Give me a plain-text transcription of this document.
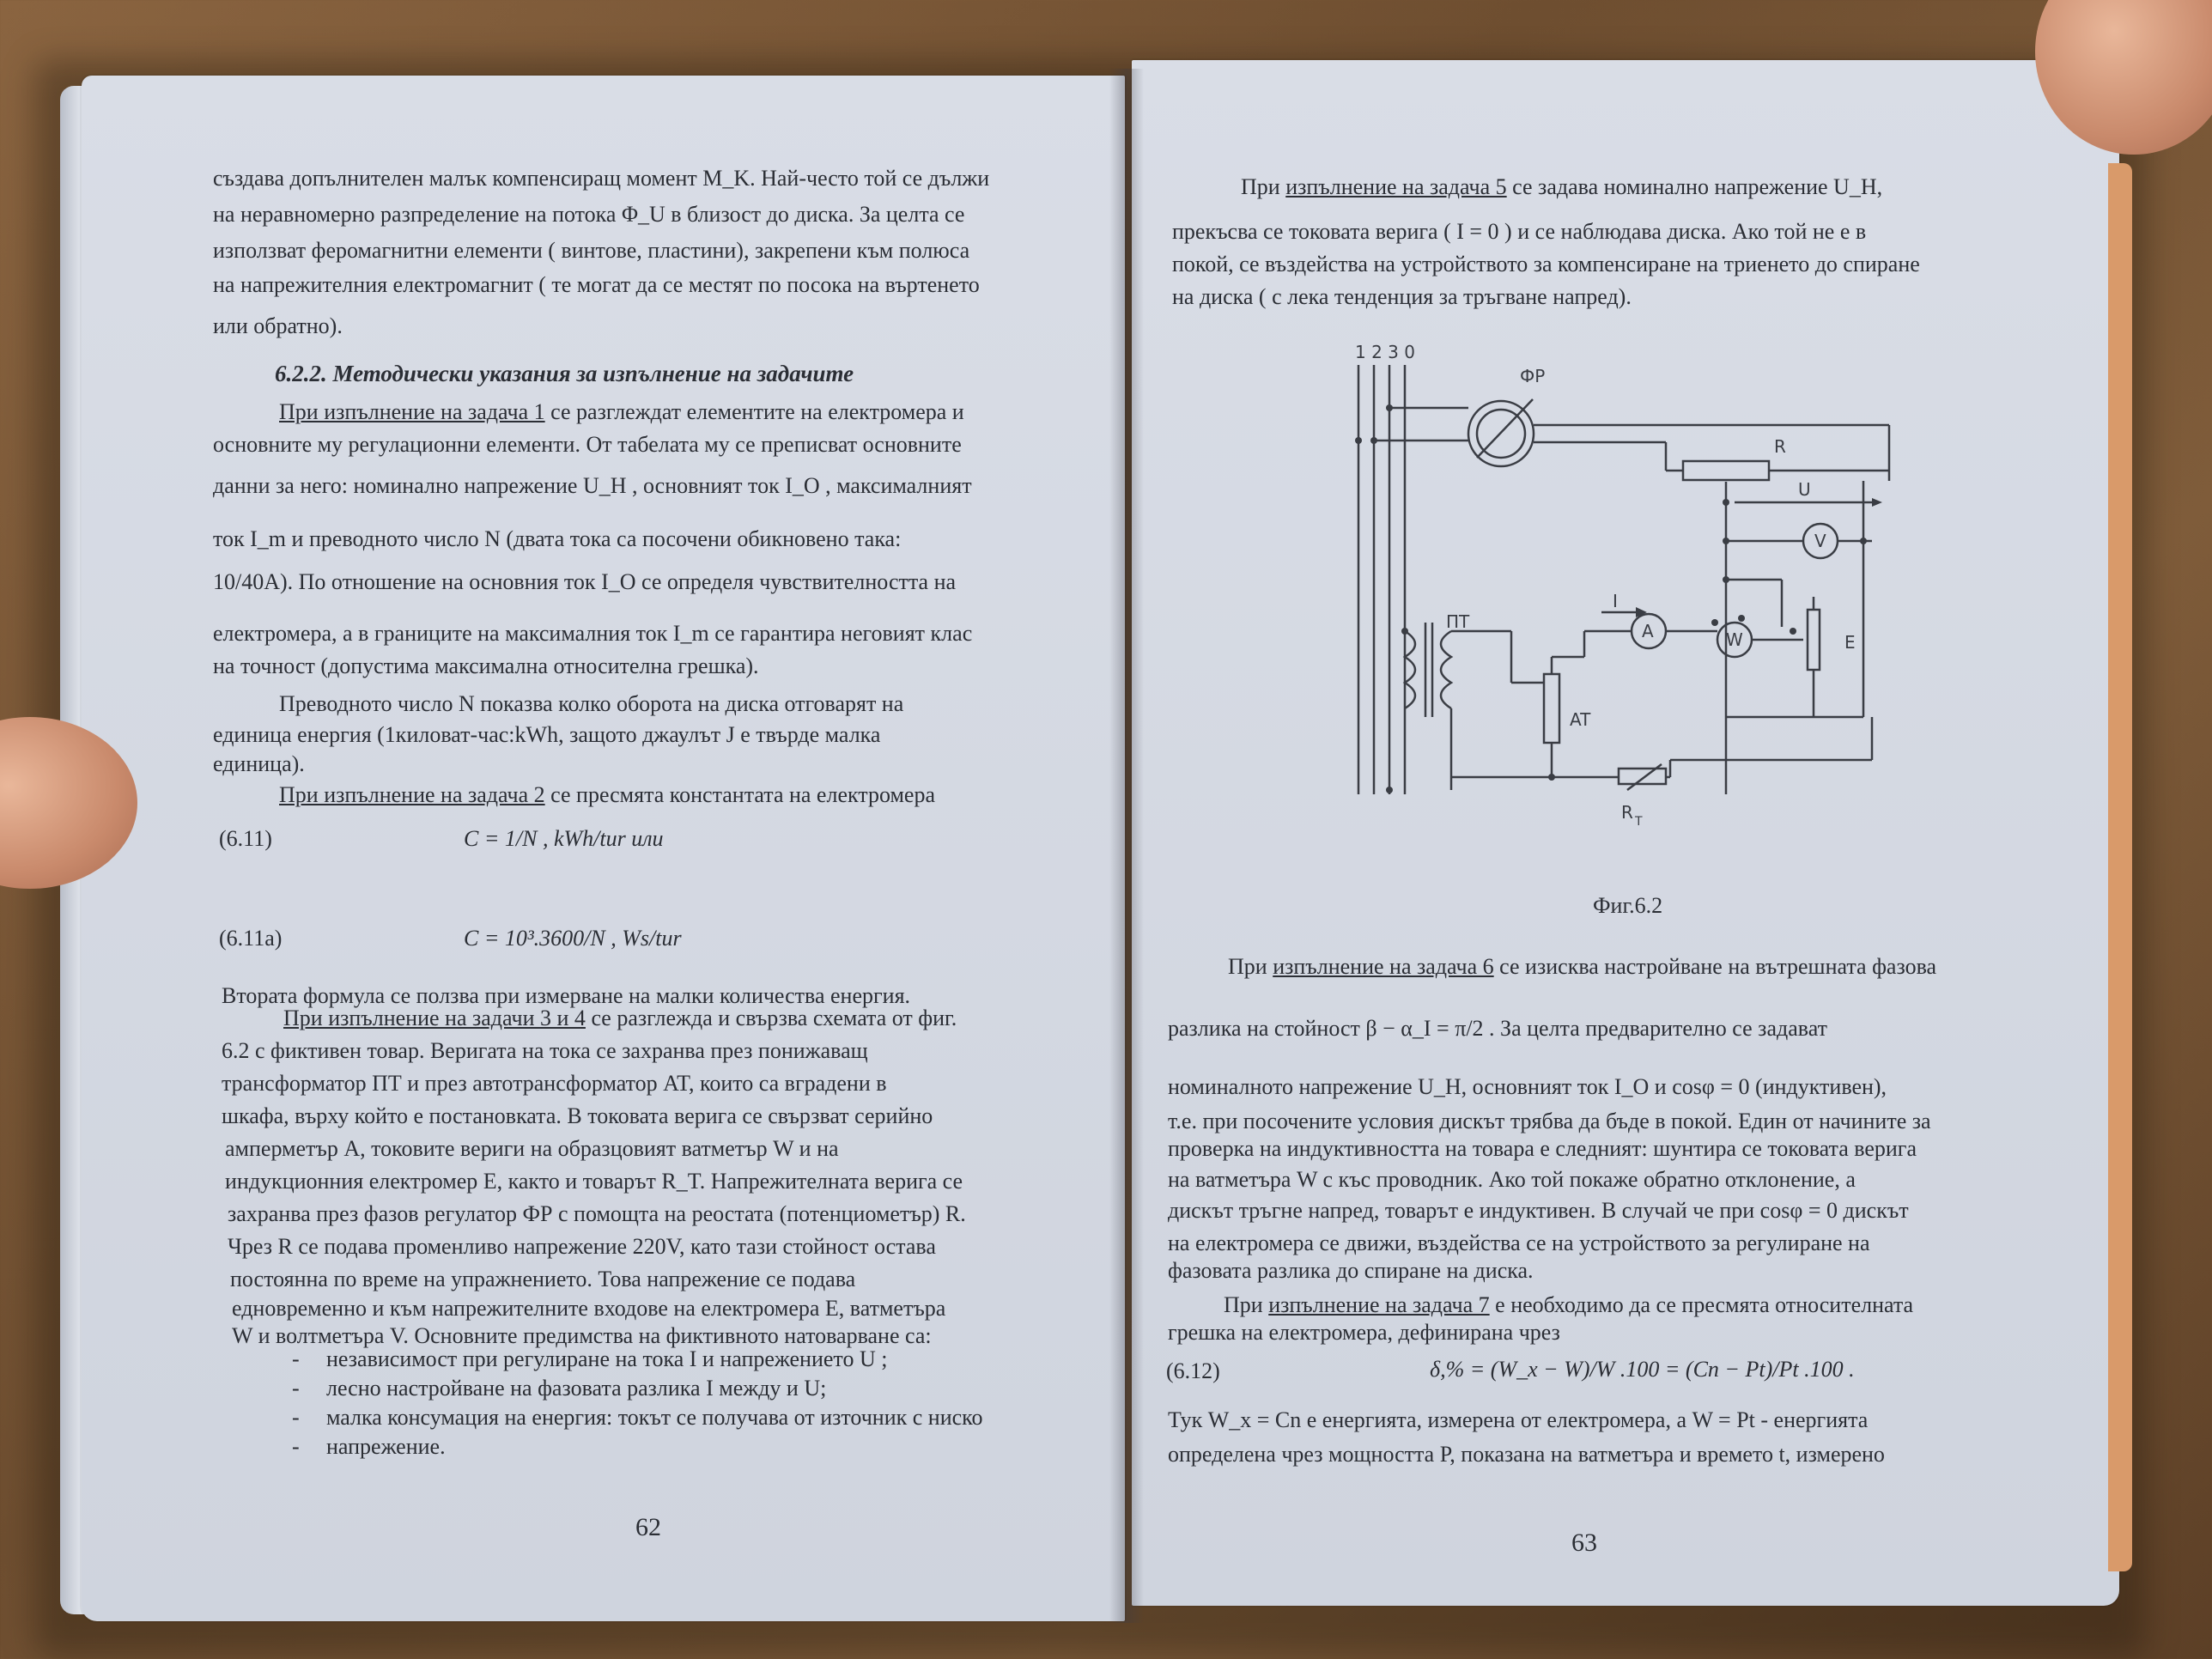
създава допълнителен малък компенсиращ момент M_K. Най-често той се дължи
на неравномерно разпределение на потока Φ_U в близост до диска. За целта се
използват феромагнитни елементи ( винтове, пластини), закрепени към полюса
на напрежителния електромагнит ( те могат да се местят по посока на въртенето
или обратно).
6.2.2. Методически указания за изпълнение на задачите
При изпълнение на задача 1 се разглеждат елементите на електромера и
основните му регулационни елементи. От табелата му се преписват основните
данни за него: номинално напрежение U_H , основният ток I_O , максималният
ток I_m и преводното число N (двата тока са посочени обикновено така:
10/40A). По отношение на основния ток I_O се определя чувствителността на
електромера, а в границите на максималния ток I_m се гарантира неговият клас
на точност (допустима максимална относителна грешка).
Преводното число N показва колко оборота на диска отговарят на
единица енергия (1киловат-час:kWh, защото джаулът J е твърде малка
единица).
При изпълнение на задача 2 се пресмята константата на електромера
(6.11)	C = 1/N , kWh/tur или
(6.11a)	C = 10³.3600/N , Ws/tur
Втората формула се ползва при измерване на малки количества енергия.
При изпълнение на задачи 3 и 4 се разглежда и свързва схемата от фиг.
6.2 с фиктивен товар. Веригата на тока се захранва през понижаващ
трансформатор ПТ и през автотрансформатор AT, които са вградени в
шкафа, върху който е постановката. В токовата верига се свързват серийно
амперметър A, токовите вериги на образцовият ватметър W и на
индукционния електромер E, както и товарът R_T. Напрежителната верига се
захранва през фазов регулатор ФР с помощта на реостата (потенциометър) R.
Чрез R се подава променливо напрежение 220V, като тази стойност остава
постоянна по време на упражнението. Това напрежение се подава
едновременно и към напрежителните входове на електромера E, ватметъра
W и волтметъра V. Основните предимства на фиктивното натоварване са:
- независимост при регулиране на тока I и напрежението U ;
- лесно настройване на фазовата разлика I между и U;
- малка консумация на енергия: токът се получава от източник с ниско
- напрежение.
62
При изпълнение на задача 5 се задава номинално напрежение U_H,
прекъсва се токовата верига ( I = 0 ) и се наблюдава диска. Ако той не е в
покой, се въздейства на устройството за компенсиране на триенето до спиране
на диска ( с лека тенденция за тръгване напред).
1 2 3 0
ФР
R
U
V
I
ПТ	A	W	E
AT
R T
Фиг.6.2
При изпълнение на задача 6 се изисква настройване на вътрешната фазова
разлика на стойност β − α_I = π/2 . За целта предварително се задават
номиналното напрежение U_H, основният ток I_O и cosφ = 0 (индуктивен),
т.е. при посочените условия дискът трябва да бъде в покой. Един от начините за
проверка на индуктивността на товара е следният: шунтира се токовата верига
на ватметъра W с къс проводник. Ако той покаже обратно отклонение, а
дискът тръгне напред, товарът е индуктивен. В случай че при cosφ = 0 дискът
на електромера се движи, въздейства се на устройството за регулиране на
фазовата разлика до спиране на диска.
При изпълнение на задача 7 е необходимо да се пресмята относителната
грешка на електромера, дефинирана чрез
(6.12)	δ,% = (W_x − W)/W .100 = (Cn − Pt)/Pt .100 .
Тук W_x = Cn е енергията, измерена от електромера, а W = Pt - енергията
определена чрез мощността P, показана на ватметъра и времето t, измерено
63
